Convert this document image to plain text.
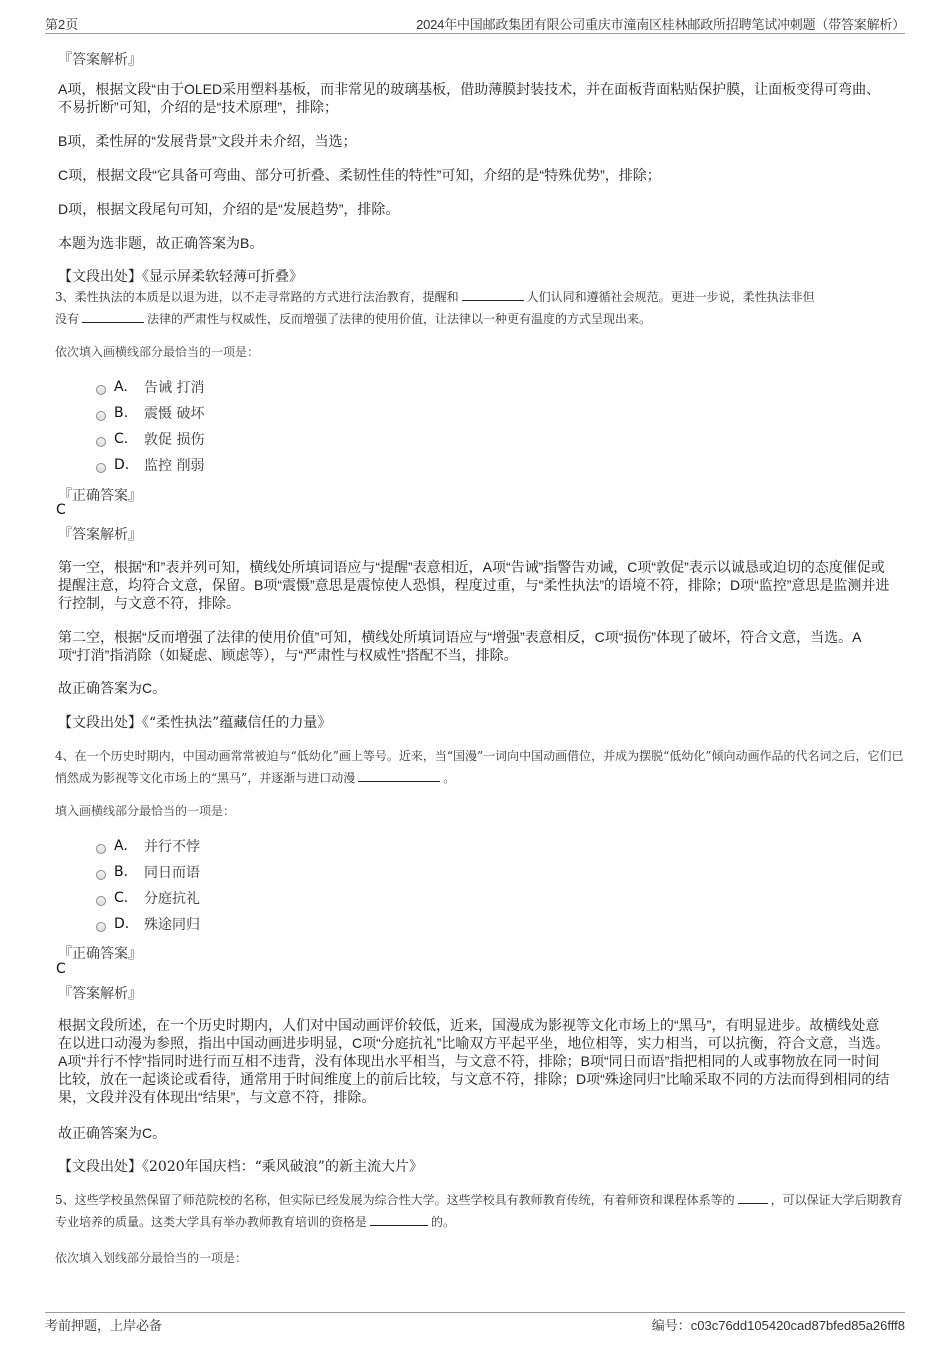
第2页	2024年中国邮政集团有限公司重庆市潼南区桂林邮政所招聘笔试冲刺题（带答案解析）
『答案解析』
A项，根据文段“由于OLED采用塑料基板，而非常见的玻璃基板，借助薄膜封装技术，并在面板背面粘贴保护膜，让面板变得可弯曲、不易折断”可知，介绍的是“技术原理”，排除；
B项，柔性屏的“发展背景”文段并未介绍，当选；
C项，根据文段“它具备可弯曲、部分可折叠、柔韧性佳的特性”可知，介绍的是“特殊优势”，排除；
D项，根据文段尾句可知，介绍的是“发展趋势”，排除。
本题为选非题，故正确答案为B。
【文段出处】《显示屏柔软轻薄可折叠》
3、柔性执法的本质是以退为进，以不走寻常路的方式进行法治教育，提醒和	人们认同和遵循社会规范。更进一步说，柔性执法非但
没有	法律的严肃性与权威性，反而增强了法律的使用价值，让法律以一种更有温度的方式呈现出来。
依次填入画横线部分最恰当的一项是：
A.	告诫 打消
B.	震慑 破坏
C.	敦促 损伤
D.	监控 削弱
『正确答案』
C
『答案解析』
第一空，根据“和”表并列可知，横线处所填词语应与“提醒”表意相近，A项“告诫”指警告劝诫，C项“敦促”表示以诚恳或迫切的态度催促或提醒注意，均符合文意，保留。B项“震慑”意思是震惊使人恐惧，程度过重，与“柔性执法”的语境不符，排除；D项“监控”意思是监测并进行控制，与文意不符，排除。
第二空，根据“反而增强了法律的使用价值”可知，横线处所填词语应与“增强”表意相反，C项“损伤”体现了破坏，符合文意，当选。A项“打消”指消除（如疑虑、顾虑等），与“严肃性与权威性”搭配不当，排除。
故正确答案为C。
【文段出处】《“柔性执法”蕴藏信任的力量》
4、在一个历史时期内，中国动画常常被迫与“低幼化”画上等号。近来，当“国漫”一词向中国动画借位，并成为摆脱“低幼化”倾向动画作品的代名词之后，它们已悄然成为影视等文化市场上的“黑马”，并逐渐与进口动漫	。
填入画横线部分最恰当的一项是：
A.	并行不悖
B.	同日而语
C.	分庭抗礼
D.	殊途同归
『正确答案』
C
『答案解析』
根据文段所述，在一个历史时期内，人们对中国动画评价较低，近来，国漫成为影视等文化市场上的“黑马”，有明显进步。故横线处意在以进口动漫为参照，指出中国动画进步明显，C项“分庭抗礼”比喻双方平起平坐，地位相等，实力相当，可以抗衡，符合文意，当选。A项“并行不悖”指同时进行而互相不违背，没有体现出水平相当，与文意不符，排除；B项“同日而语”指把相同的人或事物放在同一时间比较，放在一起谈论或看待，通常用于时间维度上的前后比较，与文意不符，排除；D项“殊途同归”比喻采取不同的方法而得到相同的结果，文段并没有体现出“结果”，与文意不符，排除。
故正确答案为C。
【文段出处】《2020年国庆档：“乘风破浪”的新主流大片》
5、这些学校虽然保留了师范院校的名称，但实际已经发展为综合性大学。这些学校具有教师教育传统，有着师资和课程体系等的	，可以保证大学后期教育专业培养的质量。这类大学具有举办教师教育培训的资格是	的。
依次填入划线部分最恰当的一项是：
考前押题，上岸必备	编号：c03c76dd105420cad87bfed85a26fff8
